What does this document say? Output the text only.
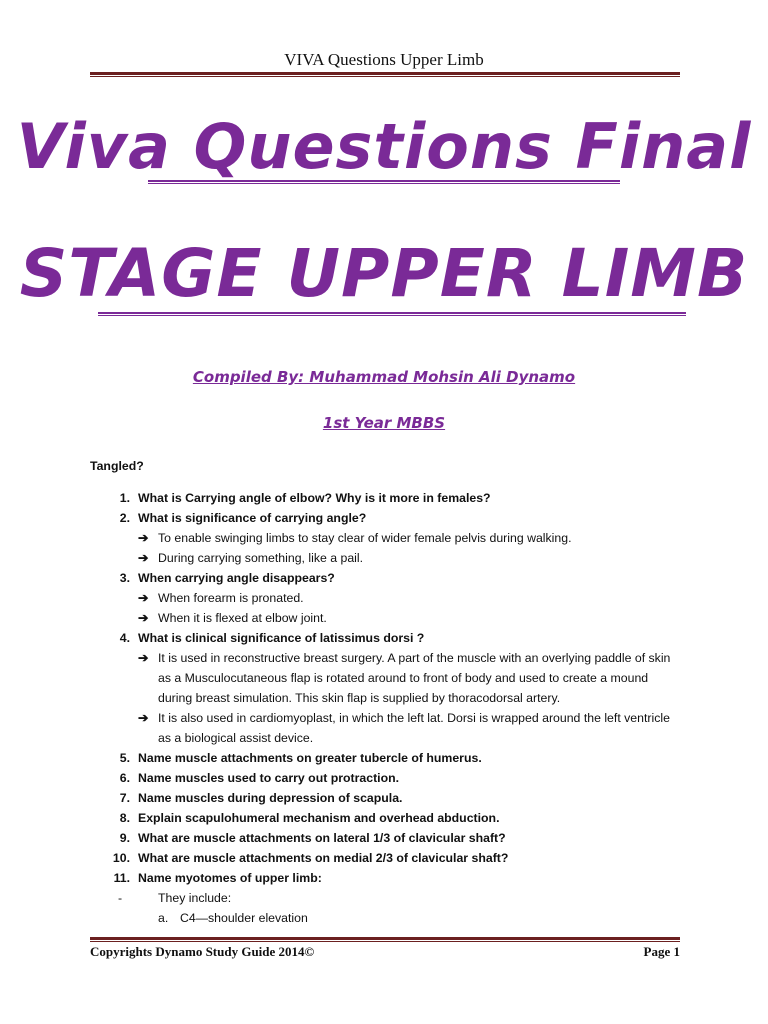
VIVA Questions Upper Limb
Viva Questions Final
STAGE UPPER LIMB
Compiled By: Muhammad Mohsin Ali Dynamo
1st Year MBBS
Tangled?
1. What is Carrying angle of elbow? Why is it more in females?
2. What is significance of carrying angle?
➔ To enable swinging limbs to stay clear of wider female pelvis during walking.
➔ During carrying something, like a pail.
3. When carrying angle disappears?
➔ When forearm is pronated.
➔ When it is flexed at elbow joint.
4. What is clinical significance of latissimus dorsi ?
➔ It is used in reconstructive breast surgery. A part of the muscle with an overlying paddle of skin as a Musculocutaneous flap is rotated around to front of body and used to create a mound during breast simulation. This skin flap is supplied by thoracodorsal artery.
➔ It is also used in cardiomyoplast, in which the left lat. Dorsi is wrapped around the left ventricle as a biological assist device.
5. Name muscle attachments on greater tubercle of humerus.
6. Name muscles used to carry out protraction.
7. Name muscles during depression of scapula.
8. Explain scapulohumeral mechanism and overhead abduction.
9. What are muscle attachments on lateral 1/3 of clavicular shaft?
10. What are muscle attachments on medial 2/3 of clavicular shaft?
11. Name myotomes of upper limb:
-	They include:
a. C4—shoulder elevation
Copyrights Dynamo Study Guide 2014©	Page 1
